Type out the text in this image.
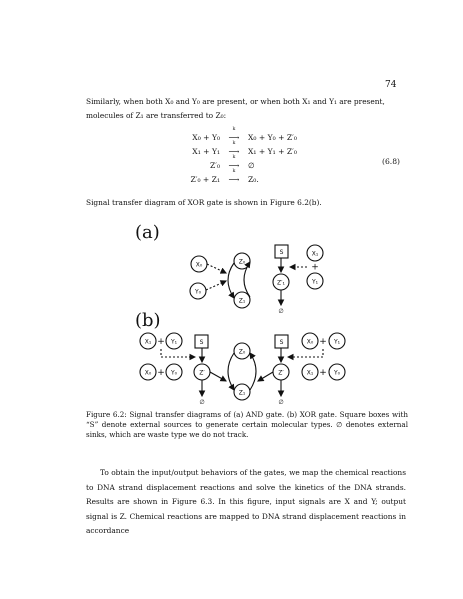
74

Similarly, when both X₀ and Y₀ are present, or when both X₁ and Y₁ are present, molecules of Z₁ are transferred to Z₀:

X₀ + Y₀
k
⟶	X₀ + Y₀ + Z′₀
X₁ + Y₁
k
⟶	X₁ + Y₁ + Z′₀
Z′₀
k
⟶	∅
Z′₀ + Z₁
k
⟶	Z₀.
(6.8)

Signal transfer diagram of XOR gate is shown in Figure 6.2(b).

(a)
(b)
X₀
Y₀
Z₀
Z₁
Z′₁
X₁
Y₁
+
S
∅
X₁ + Y₁
X₀ + Y₀
S
Z′
∅
Z₀
Z₁
S
Z′
∅
X₀ + Y₁
X₁ + Y₀

Figure 6.2: Signal transfer diagrams of (a) AND gate. (b) XOR gate. Square boxes with “S” denote external sources to generate certain molecular types. ∅ denotes external sinks, which are waste type we do not track.

To obtain the input/output behaviors of the gates, we map the chemical reactions to DNA strand displacement reactions and solve the kinetics of the DNA strands. Results are shown in Figure 6.3. In this figure, input signals are X and Y; output signal is Z. Chemical reactions are mapped to DNA strand displacement reactions in accordance
